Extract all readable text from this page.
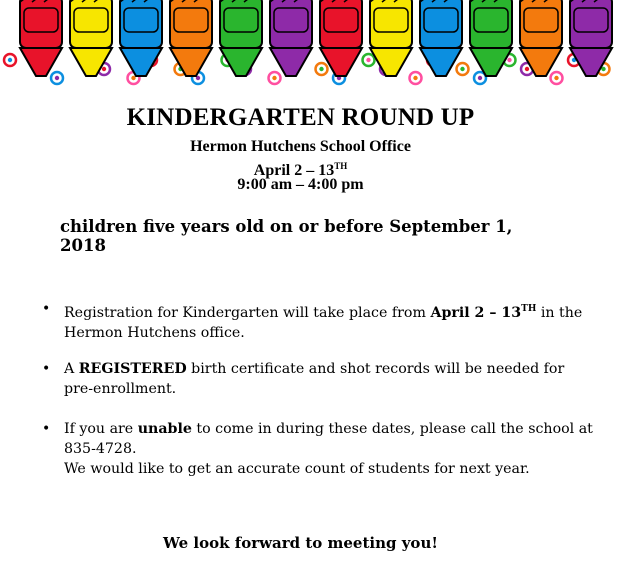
KINDERGARTEN ROUND UP
Hermon Hutchens School Office
April 2 – 13TH
9:00 am – 4:00 pm
children five years old on or before September 1, 2018
• Registration for Kindergarten will take place from April 2 – 13TH in the Hermon Hutchens office.
• A REGISTERED birth certificate and shot records will be needed for pre-enrollment.
• If you are unable to come in during these dates, please call the school at 835-4728.
We would like to get an accurate count of students for next year.
We look forward to meeting you!
